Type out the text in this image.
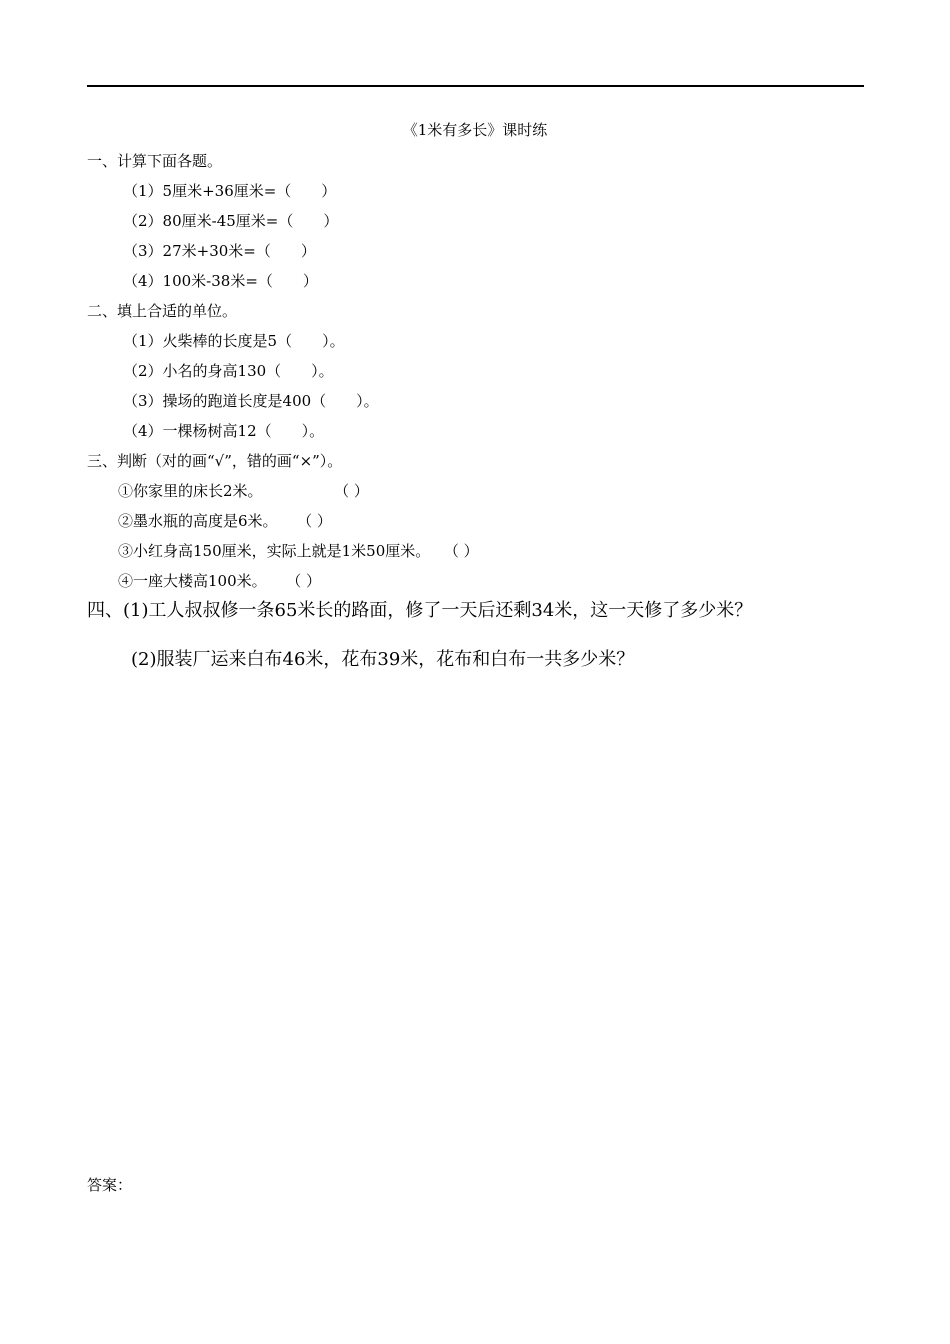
《1米有多长》课时练
一、计算下面各题。
（1）5厘米+36厘米=（　　）
（2）80厘米-45厘米=（　　）
（3）27米+30米=（　　）
（4）100米-38米=（　　）
二、填上合适的单位。
（1）火柴棒的长度是5（　　）。
（2）小名的身高130（　　）。
（3）操场的跑道长度是400（　　）。
（4）一棵杨树高12（　　）。
三、判断（对的画“√”，错的画“×”）。
①你家里的床长2米。	（ ）
②墨水瓶的高度是6米。 （ ）
③小红身高150厘米，实际上就是1米50厘米。 （ ）
④一座大楼高100米。 （ ）
四、(1)工人叔叔修一条65米长的路面，修了一天后还剩34米，这一天修了多少米？
(2)服装厂运来白布46米，花布39米，花布和白布一共多少米？
答案：
